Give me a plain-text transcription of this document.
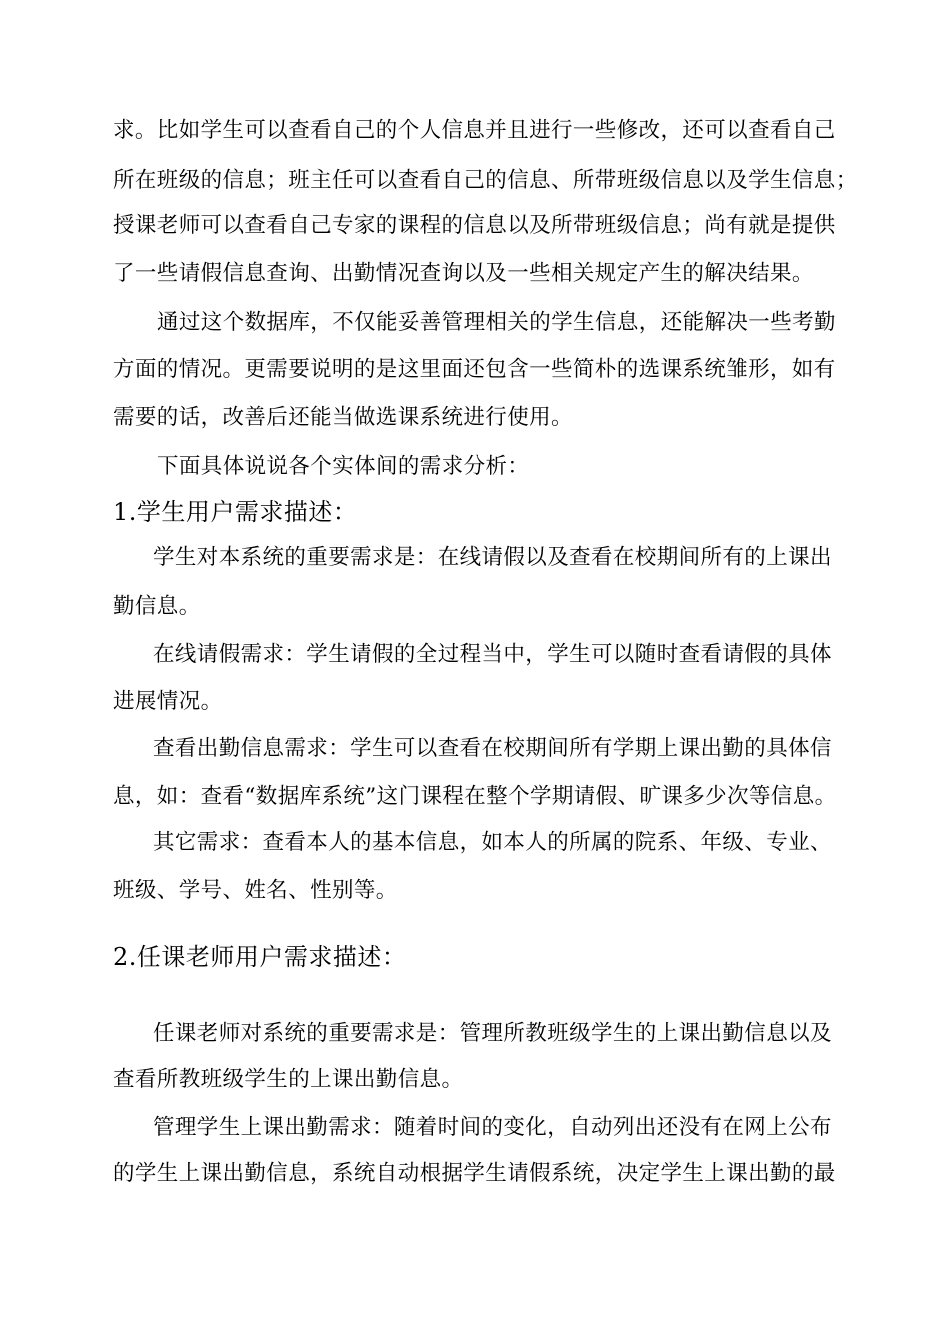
求。比如学生可以查看自己的个人信息并且进行一些修改，还可以查看自己
所在班级的信息；班主任可以查看自己的信息、所带班级信息以及学生信息；
授课老师可以查看自己专家的课程的信息以及所带班级信息；尚有就是提供
了一些请假信息查询、出勤情况查询以及一些相关规定产生的解决结果。
通过这个数据库，不仅能妥善管理相关的学生信息，还能解决一些考勤
方面的情况。更需要说明的是这里面还包含一些简朴的选课系统雏形，如有
需要的话，改善后还能当做选课系统进行使用。
下面具体说说各个实体间的需求分析：
1.学生用户需求描述：
学生对本系统的重要需求是：在线请假以及查看在校期间所有的上课出
勤信息。
在线请假需求：学生请假的全过程当中，学生可以随时查看请假的具体
进展情况。
查看出勤信息需求：学生可以查看在校期间所有学期上课出勤的具体信
息，如：查看“数据库系统”这门课程在整个学期请假、旷课多少次等信息。
其它需求：查看本人的基本信息，如本人的所属的院系、年级、专业、
班级、学号、姓名、性别等。
2.任课老师用户需求描述：
任课老师对系统的重要需求是：管理所教班级学生的上课出勤信息以及
查看所教班级学生的上课出勤信息。
管理学生上课出勤需求：随着时间的变化，自动列出还没有在网上公布
的学生上课出勤信息，系统自动根据学生请假系统，决定学生上课出勤的最
